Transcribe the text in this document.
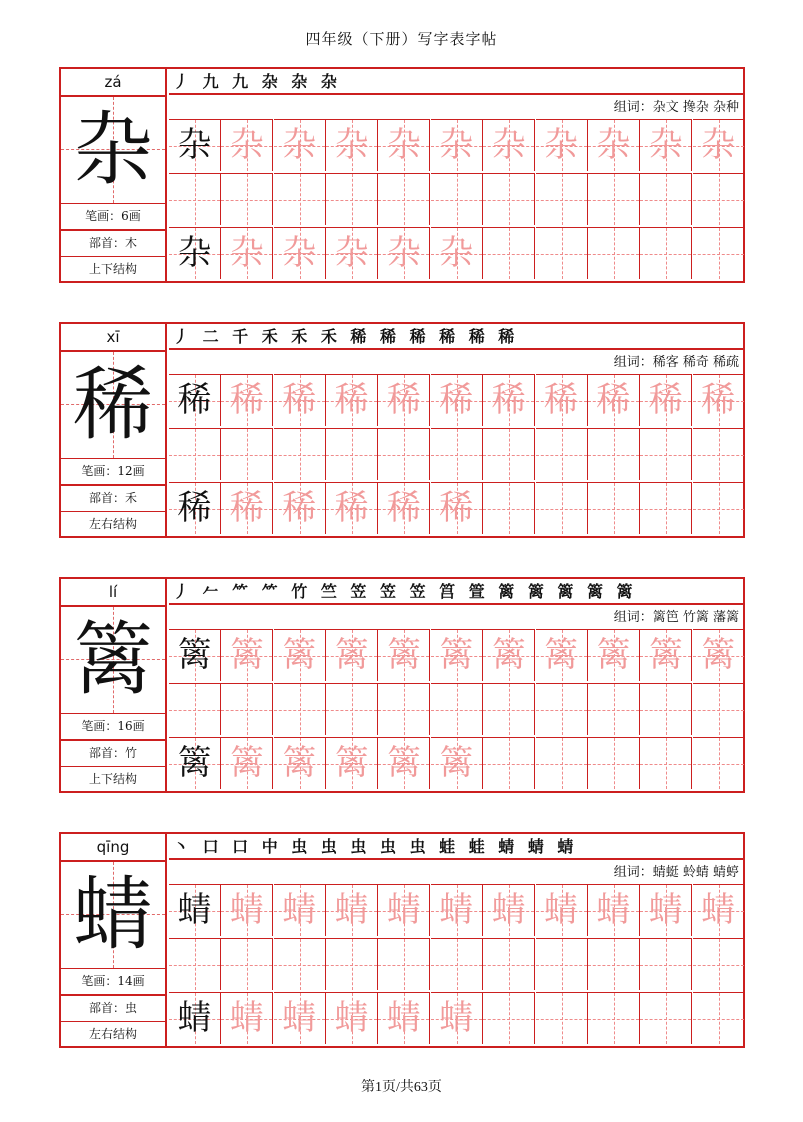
四年级（下册）写字表字帖
zá
杂
笔画：6画
部首：木
上下结构
丿 九 九 杂 杂 杂
组词：杂文 搀杂 杂种
杂 杂 杂 杂 杂 杂 杂 杂 杂 杂 杂
杂 杂 杂 杂 杂 杂
xī
稀
笔画：12画
部首：禾
左右结构
丿 二 千 禾 禾 禾 稀 稀 稀 稀 稀 稀
组词：稀客 稀奇 稀疏
稀 稀 稀 稀 稀 稀 稀 稀 稀 稀 稀
稀 稀 稀 稀 稀 稀
lí
篱
笔画：16画
部首：竹
上下结构
丿 𠂉 ⺮ ⺮ 竹 竺 笠 笠 笠 筥 箮 篱 篱 篱 篱 篱
组词：篱笆 竹篱 藩篱
篱 篱 篱 篱 篱 篱 篱 篱 篱 篱 篱
篱 篱 篱 篱 篱 篱
qīng
蜻
笔画：14画
部首：虫
左右结构
丶 口 口 中 虫 虫 虫 虫 虫 蛙 蛙 蜻 蜻 蜻
组词：蜻蜓 蛉蜻 蜻蝏
蜻 蜻 蜻 蜻 蜻 蜻 蜻 蜻 蜻 蜻 蜻
蜻 蜻 蜻 蜻 蜻 蜻
第1页/共63页
